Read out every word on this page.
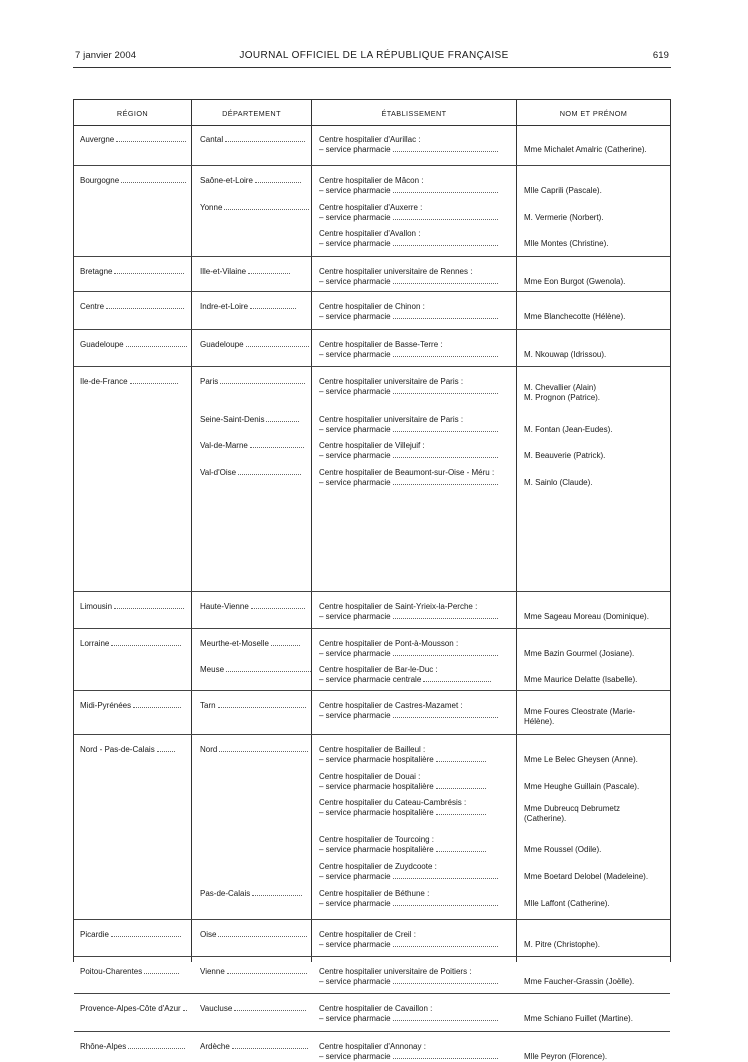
7 janvier 2004	JOURNAL OFFICIEL DE LA RÉPUBLIQUE FRANÇAISE	619
RÉGION	DÉPARTEMENT	ÉTABLISSEMENT	NOM ET PRÉNOM
Auvergne	Cantal	Centre hospitalier d'Aurillac :
– service pharmacie	Mme Michalet Amalric (Catherine).
Bourgogne	Saône-et-Loire	Centre hospitalier de Mâcon :
– service pharmacie	Mlle Caprili (Pascale).
Yonne	Centre hospitalier d'Auxerre :
– service pharmacie	M. Vermerie (Norbert).
Centre hospitalier d'Avallon :
– service pharmacie	Mlle Montes (Christine).
Bretagne	Ille-et-Vilaine	Centre hospitalier universitaire de Rennes :
– service pharmacie	Mme Eon Burgot (Gwenola).
Centre	Indre-et-Loire	Centre hospitalier de Chinon :
– service pharmacie	Mme Blanchecotte (Hélène).
Guadeloupe	Guadeloupe	Centre hospitalier de Basse-Terre :
– service pharmacie	M. Nkouwap (Idrissou).
Ile-de-France	Paris	Centre hospitalier universitaire de Paris :
– service pharmacie	M. Chevallier (Alain)
M. Prognon (Patrice).
Seine-Saint-Denis	Centre hospitalier universitaire de Paris :
– service pharmacie	M. Fontan (Jean-Eudes).
Val-de-Marne	Centre hospitalier de Villejuif :
– service pharmacie	M. Beauverie (Patrick).
Val-d'Oise	Centre hospitalier de Beaumont-sur-Oise - Méru :
– service pharmacie	M. Sainlo (Claude).
Limousin	Haute-Vienne	Centre hospitalier de Saint-Yrieix-la-Perche :
– service pharmacie	Mme Sageau Moreau (Dominique).
Lorraine	Meurthe-et-Moselle	Centre hospitalier de Pont-à-Mousson :
– service pharmacie	Mme Bazin Gourmel (Josiane).
Meuse	Centre hospitalier de Bar-le-Duc :
– service pharmacie centrale	Mme Maurice Delatte (Isabelle).
Midi-Pyrénées	Tarn	Centre hospitalier de Castres-Mazamet :
– service pharmacie	Mme Foures Cleostrate (Marie-
Hélène).
Nord - Pas-de-Calais	Nord	Centre hospitalier de Bailleul :
– service pharmacie hospitalière	Mme Le Belec Gheysen (Anne).
Centre hospitalier de Douai :
– service pharmacie hospitalière	Mme Heughe Guillain (Pascale).
Centre hospitalier du Cateau-Cambrésis :
– service pharmacie hospitalière	Mme Dubreucq Debrumetz
(Catherine).
Centre hospitalier de Tourcoing :
– service pharmacie hospitalière	Mme Roussel (Odile).
Centre hospitalier de Zuydcoote :
– service pharmacie	Mme Boetard Delobel (Madeleine).
Pas-de-Calais	Centre hospitalier de Béthune :
– service pharmacie	Mlle Laffont (Catherine).
Picardie	Oise	Centre hospitalier de Creil :
– service pharmacie	M. Pitre (Christophe).
Poitou-Charentes	Vienne	Centre hospitalier universitaire de Poitiers :
– service pharmacie	Mme Faucher-Grassin (Joëlle).
Provence-Alpes-Côte d'Azur	Vaucluse	Centre hospitalier de Cavaillon :
– service pharmacie	Mme Schiano Fuillet (Martine).
Rhône-Alpes	Ardèche	Centre hospitalier d'Annonay :
– service pharmacie	Mlle Peyron (Florence).
